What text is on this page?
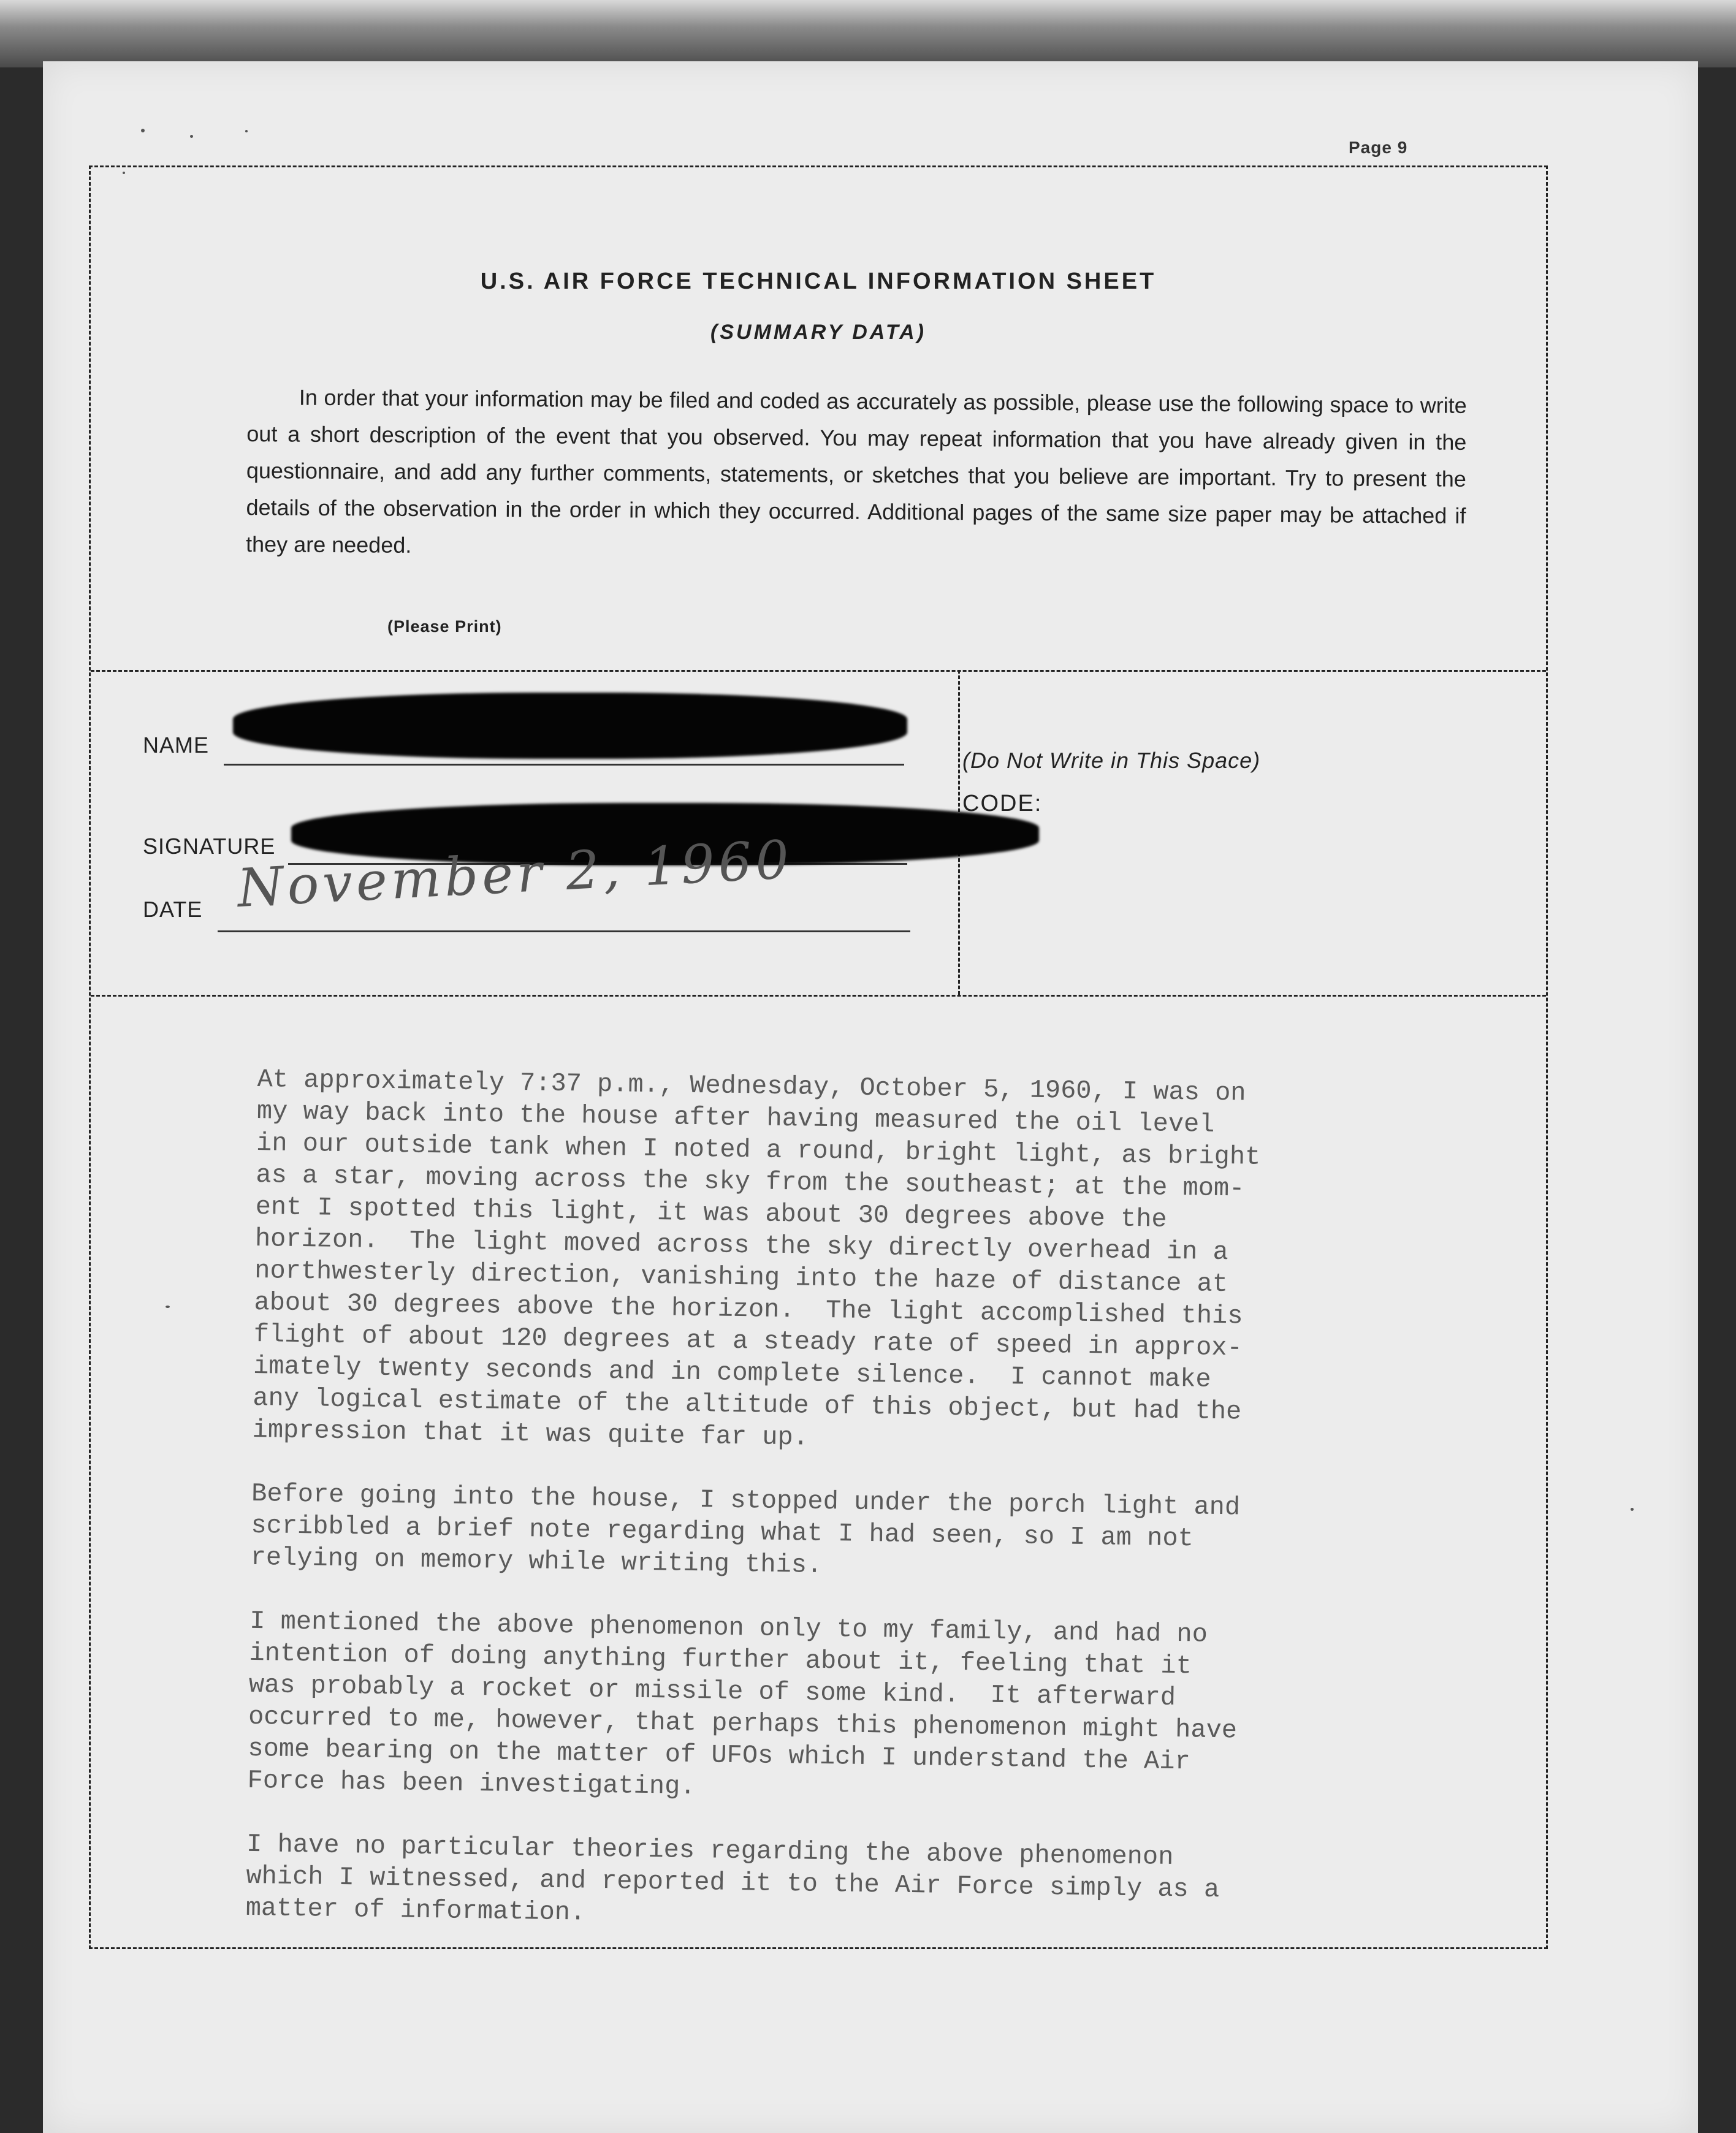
Page 9
U.S. AIR FORCE TECHNICAL INFORMATION SHEET
(SUMMARY DATA)
In order that your information may be filed and coded as accurately as possible, please use the following space to write out a short description of the event that you observed. You may repeat information that you have already given in the questionnaire, and add any further comments, statements, or sketches that you believe are important. Try to present the details of the observation in the order in which they occurred. Additional pages of the same size paper may be attached if they are needed.
NAME
(Please Print)
SIGNATURE
DATE November 2, 1960
(Do Not Write in This Space)
CODE:

At approximately 7:37 p.m., Wednesday, October 5, 1960, I was on
my way back into the house after having measured the oil level
in our outside tank when I noted a round, bright light, as bright
as a star, moving across the sky from the southeast; at the mom-
ent I spotted this light, it was about 30 degrees above the
horizon.  The light moved across the sky directly overhead in a
northwesterly direction, vanishing into the haze of distance at
about 30 degrees above the horizon.  The light accomplished this
flight of about 120 degrees at a steady rate of speed in approx-
imately twenty seconds and in complete silence.  I cannot make
any logical estimate of the altitude of this object, but had the
impression that it was quite far up.

Before going into the house, I stopped under the porch light and
scribbled a brief note regarding what I had seen, so I am not
relying on memory while writing this.

I mentioned the above phenomenon only to my family, and had no
intention of doing anything further about it, feeling that it
was probably a rocket or missile of some kind.  It afterward
occurred to me, however, that perhaps this phenomenon might have
some bearing on the matter of UFOs which I understand the Air
Force has been investigating.

I have no particular theories regarding the above phenomenon
which I witnessed, and reported it to the Air Force simply as a
matter of information.
